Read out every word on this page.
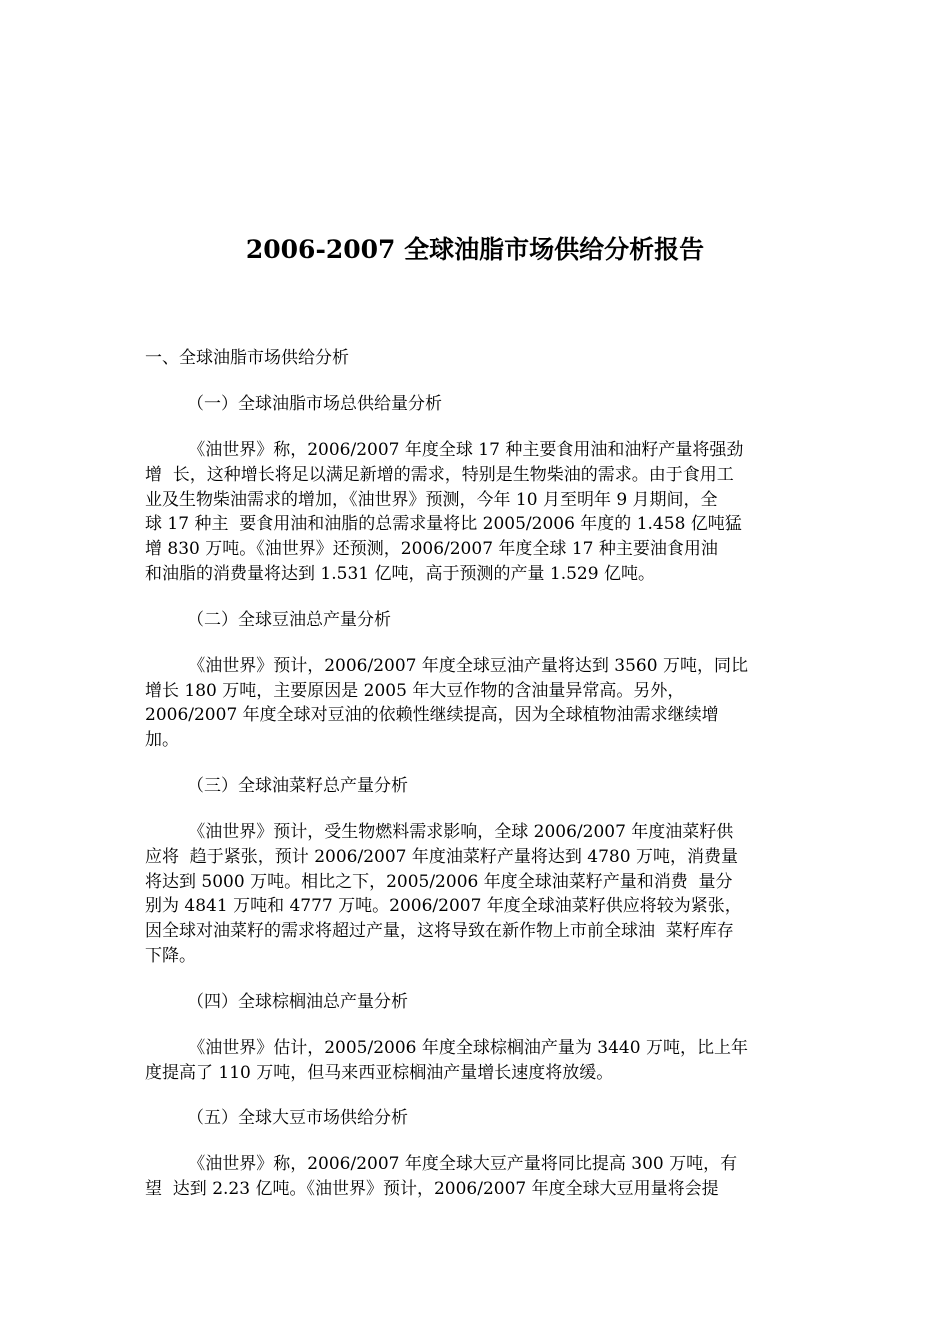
2006-2007 全球油脂市场供给分析报告

一、全球油脂市场供给分析

（一）全球油脂市场总供给量分析

《油世界》称，2006/2007 年度全球 17 种主要食用油和油籽产量将强劲
增  长，这种增长将足以满足新增的需求，特别是生物柴油的需求。由于食用工
业及生物柴油需求的增加，《油世界》预测，今年 10 月至明年 9 月期间，全
球 17 种主  要食用油和油脂的总需求量将比 2005/2006 年度的 1.458 亿吨猛
增 830 万吨。《油世界》还预测，2006/2007 年度全球 17 种主要油食用油
和油脂的消费量将达到 1.531 亿吨，高于预测的产量 1.529 亿吨。

（二）全球豆油总产量分析

《油世界》预计，2006/2007 年度全球豆油产量将达到 3560 万吨，同比
增长 180 万吨，主要原因是 2005 年大豆作物的含油量异常高。另外，
2006/2007 年度全球对豆油的依赖性继续提高，因为全球植物油需求继续增
加。

（三）全球油菜籽总产量分析

《油世界》预计，受生物燃料需求影响，全球 2006/2007 年度油菜籽供
应将  趋于紧张，预计 2006/2007 年度油菜籽产量将达到 4780 万吨，消费量
将达到 5000 万吨。相比之下，2005/2006 年度全球油菜籽产量和消费  量分
别为 4841 万吨和 4777 万吨。2006/2007 年度全球油菜籽供应将较为紧张，
因全球对油菜籽的需求将超过产量，这将导致在新作物上市前全球油  菜籽库存
下降。

（四）全球棕榈油总产量分析

《油世界》估计，2005/2006 年度全球棕榈油产量为 3440 万吨，比上年
度提高了 110 万吨，但马来西亚棕榈油产量增长速度将放缓。

（五）全球大豆市场供给分析

《油世界》称，2006/2007 年度全球大豆产量将同比提高 300 万吨，有
望  达到 2.23 亿吨。《油世界》预计，2006/2007 年度全球大豆用量将会提
